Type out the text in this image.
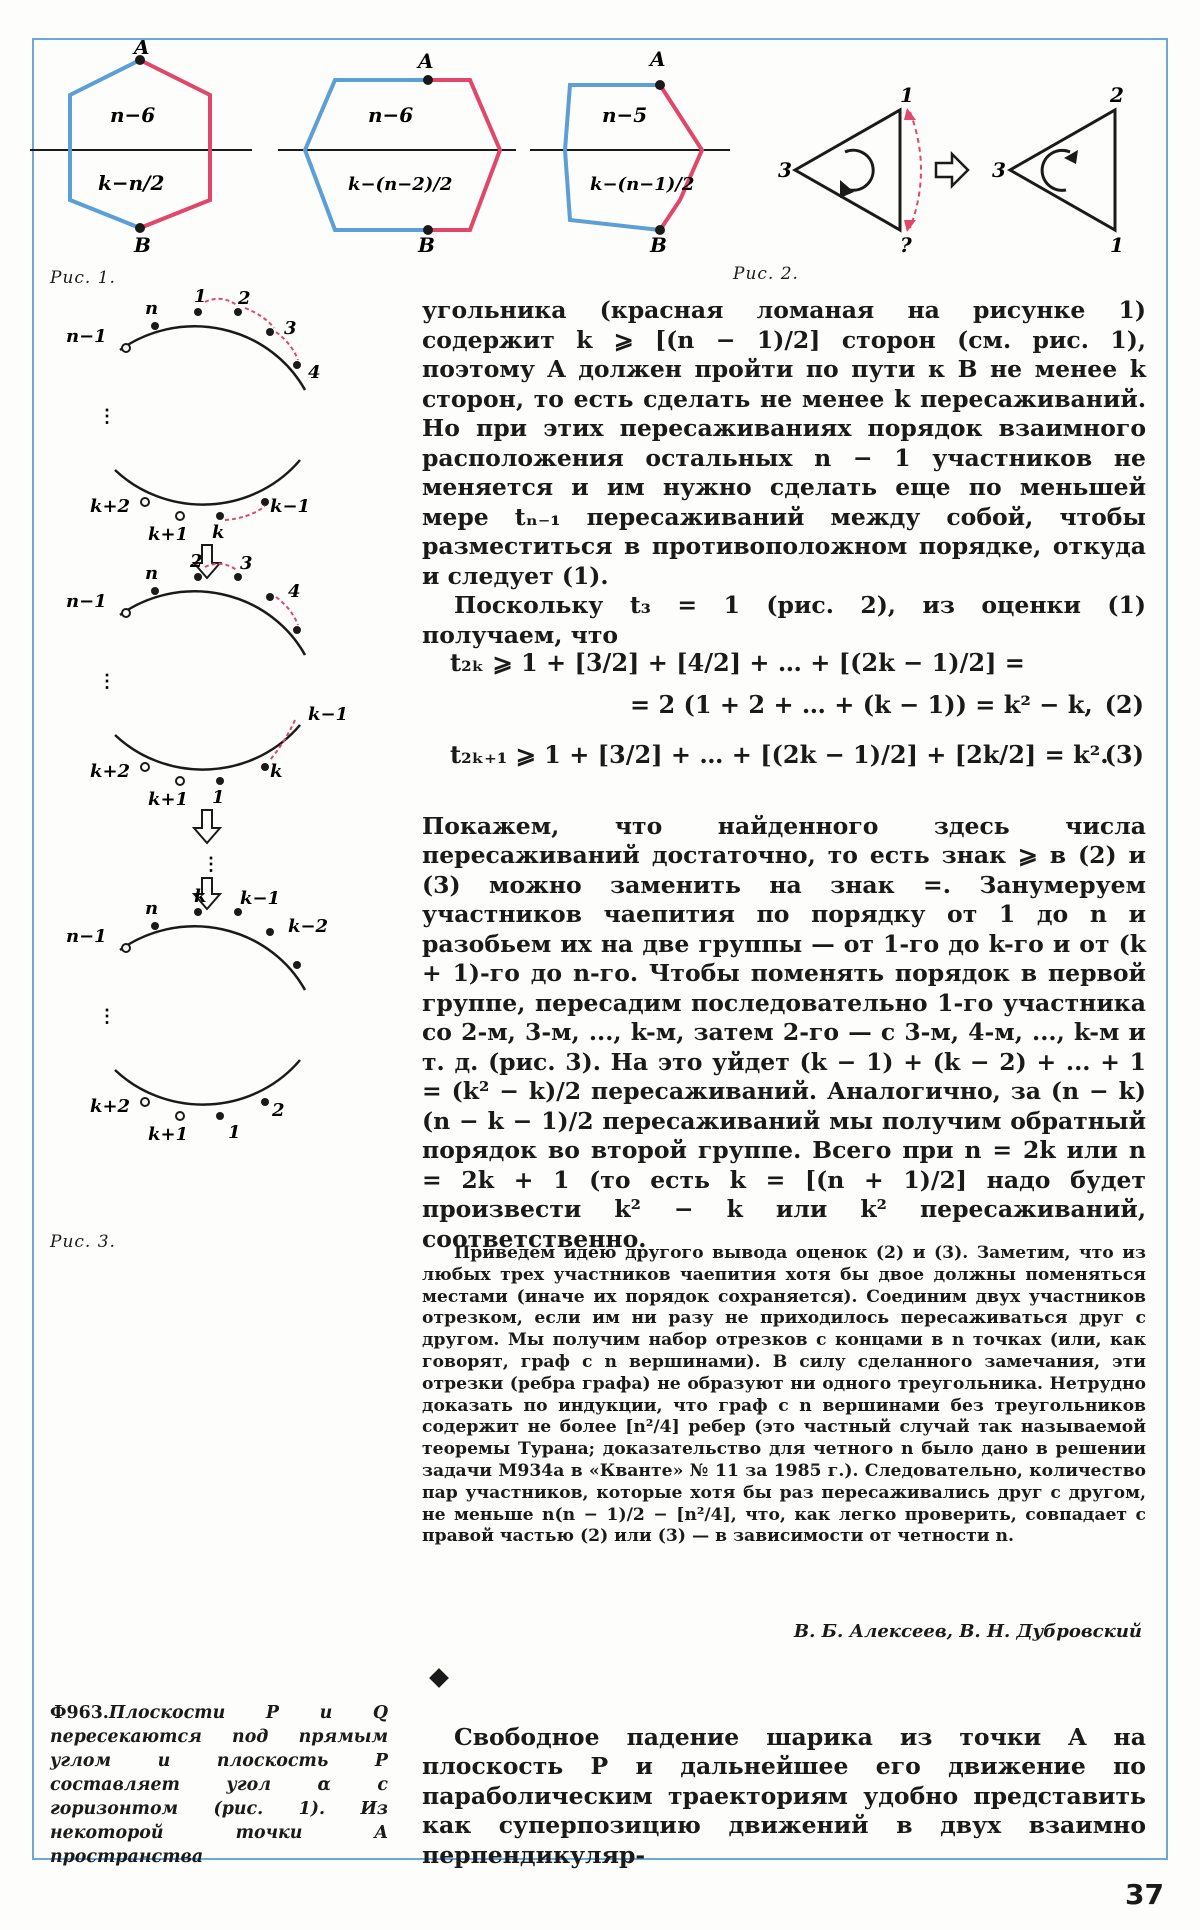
A
B
n−6
k−n/2
A
B
n−6
k−(n−2)/2
A
B
n−5
k−(n−1)/2
Рис. 1.
1
3
?
2
3
1
Рис. 2.
n−1
n
1 2
3
4
⋮
k+2
k+1 k
k−1
n−1
n
2 3
4
k−1
⋮
k+2
k+1 1
k
⋮
n−1
n
k k−1
k−2
⋮
k+2
k+1 1
2
Рис. 3.

угольника (красная ломаная на рисунке 1) содержит k ⩾ [(n − 1)/2] сторон (см. рис. 1), поэтому A должен пройти по пути к B не менее k сторон, то есть сделать не менее k пересаживаний. Но при этих пересаживаниях порядок взаимного расположения остальных n − 1 участников не меняется и им нужно сделать еще по меньшей мере tₙ₋₁ пересаживаний между собой, чтобы разместиться в противоположном порядке, откуда и следует (1).

Поскольку t₃ = 1 (рис. 2), из оценки (1) получаем, что

t₂ₖ ⩾ 1 + [3/2] + [4/2] + … + [(2k − 1)/2] =
= 2 (1 + 2 + … + (k − 1)) = k² − k, (2)
t₂ₖ₊₁ ⩾ 1 + [3/2] + … + [(2k − 1)/2] + [2k/2] = k².
(3)

Покажем, что найденного здесь числа пересаживаний достаточно, то есть знак ⩾ в (2) и (3) можно заменить на знак =. Занумеруем участников чаепития по порядку от 1 до n и разобьем их на две группы — от 1-го до k-го и от (k + 1)-го до n-го. Чтобы поменять порядок в первой группе, пересадим последовательно 1-го участника со 2-м, 3-м, ..., k-м, затем 2-го — с 3-м, 4-м, ..., k-м и т. д. (рис. 3). На это уйдет (k − 1) + (k − 2) + ... + 1 = (k² − k)/2 пересаживаний. Аналогично, за (n − k)(n − k − 1)/2 пересаживаний мы получим обратный порядок во второй группе. Всего при n = 2k или n = 2k + 1 (то есть k = [(n + 1)/2] надо будет произвести k² − k или k² пересаживаний, соответственно.

Приведем идею другого вывода оценок (2) и (3). Заметим, что из любых трех участников чаепития хотя бы двое должны поменяться местами (иначе их порядок сохраняется). Соединим двух участников отрезком, если им ни разу не приходилось пересаживаться друг с другом. Мы получим набор отрезков с концами в n точках (или, как говорят, граф с n вершинами). В силу сделанного замечания, эти отрезки (ребра графа) не образуют ни одного треугольника. Нетрудно доказать по индукции, что граф с n вершинами без треугольников содержит не более [n²/4] ребер (это частный случай так называемой теоремы Турана; доказательство для четного n было дано в решении задачи М934а в «Кванте» № 11 за 1985 г.). Следовательно, количество пар участников, которые хотя бы раз пересаживались друг с другом, не меньше n(n − 1)/2 − [n²/4], что, как легко проверить, совпадает с правой частью (2) или (3) — в зависимости от четности n.

В. Б. Алексеев, В. Н. Дубровский
Ф963.Плоскости P и Q пересекаются под прямым углом и плоскость P составляет угол α с горизонтом (рис. 1). Из некоторой точки A пространства

Свободное падение шарика из точки A на плоскость P и дальнейшее его движение по параболическим траекториям удобно представить как суперпозицию движений в двух взаимно перпендикуляр-

37
